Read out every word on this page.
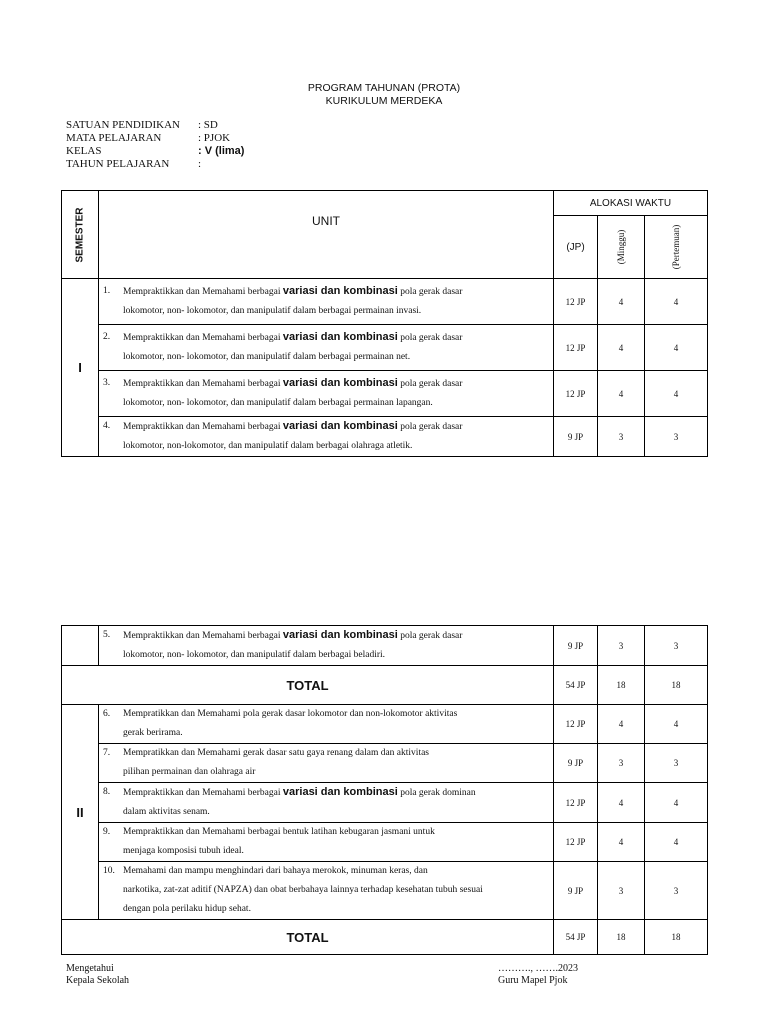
PROGRAM TAHUNAN (PROTA)
KURIKULUM MERDEKA
SATUAN PENDIDIKAN : SD
MATA PELAJARAN	: PJOK
KELAS	: V (lima)
TAHUN PELAJARAN	:
SEMESTER	UNIT	ALOKASI WAKTU		
		(JP)	(Minggu)	(Pertemuan)

I	1. Mempraktikkan dan Memahami berbagai variasi dan kombinasi pola gerak dasar
lokomotor, non- lokomotor, dan manipulatif dalam berbagai permainan invasi.	12 JP	4	4

	2. Mempraktikkan dan Memahami berbagai variasi dan kombinasi pola gerak dasar
lokomotor, non- lokomotor, dan manipulatif dalam berbagai permainan net.	12 JP	4	4

	3. Mempraktikkan dan Memahami berbagai variasi dan kombinasi pola gerak dasar
lokomotor, non- lokomotor, dan manipulatif dalam berbagai permainan lapangan.	12 JP	4	4

	4. Mempraktikkan dan Memahami berbagai variasi dan kombinasi pola gerak dasar
lokomotor, non-lokomotor, dan manipulatif dalam berbagai olahraga atletik.	9 JP	3	3

	5. Mempraktikkan dan Memahami berbagai variasi dan kombinasi pola gerak dasar
lokomotor, non- lokomotor, dan manipulatif dalam berbagai beladiri.	9 JP	3	3
TOTAL		54 JP	18	18
II	6. Mempratikkan dan Memahami pola gerak dasar lokomotor dan non-lokomotor aktivitas
gerak berirama.	12 JP	4	4

	7. Mempratikkan dan Memahami gerak dasar satu gaya renang dalam dan aktivitas
pilihan permainan dan olahraga air	9 JP	3	3

	8. Mempraktikkan dan Memahami berbagai variasi dan kombinasi pola gerak dominan
dalam aktivitas senam.	12 JP	4	4

	9. Mempraktikkan dan Memahami berbagai bentuk latihan kebugaran jasmani untuk
menjaga komposisi tubuh ideal.	12 JP	4	4

	10. Memahami dan mampu menghindari dari bahaya merokok, minuman keras, dan
narkotika, zat-zat aditif (NAPZA) dan obat berbahaya lainnya terhadap kesehatan tubuh sesuai
dengan pola perilaku hidup sehat.	9 JP	3	3
TOTAL		54 JP	18	18
Mengetahui
Kepala Sekolah
………., …….2023
Guru Mapel Pjok
